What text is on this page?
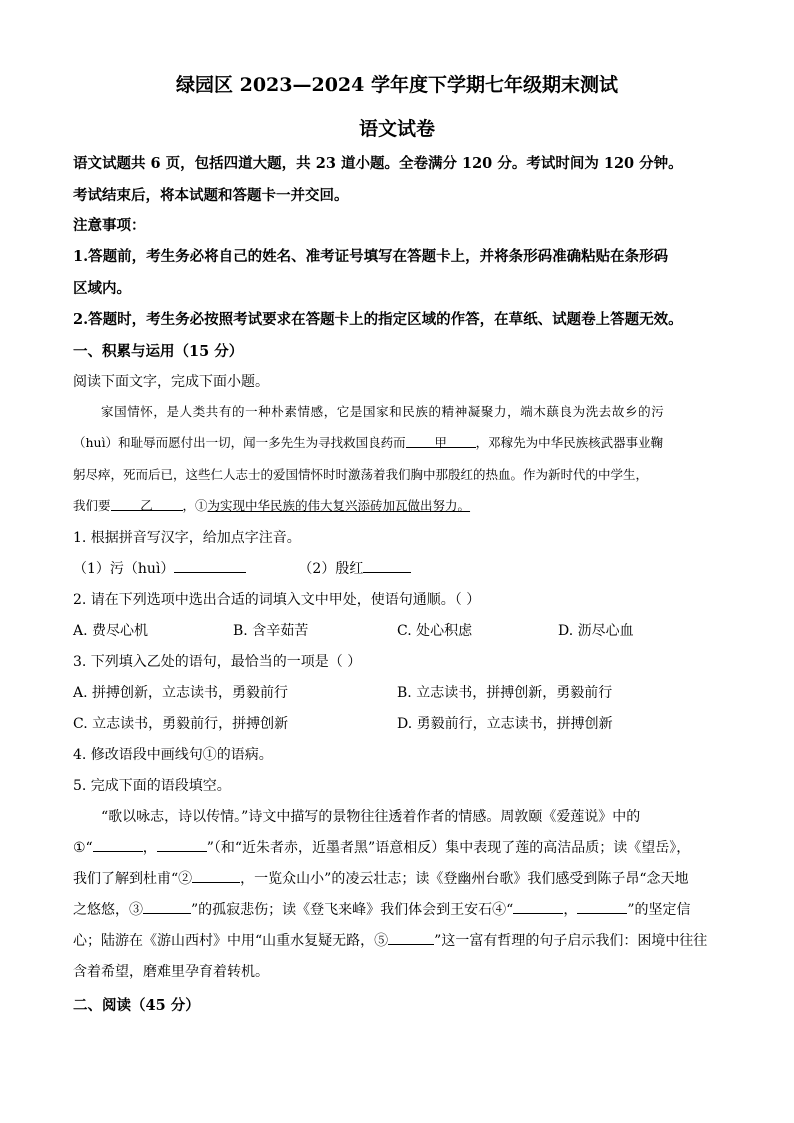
绿园区 2023—2024 学年度下学期七年级期末测试
语文试卷
语文试题共 6 页，包括四道大题，共 23 道小题。全卷满分 120 分。考试时间为 120 分钟。
考试结束后，将本试题和答题卡一并交回。
注意事项：
1.答题前，考生务必将自己的姓名、准考证号填写在答题卡上，并将条形码准确粘贴在条形码
区域内。
2.答题时，考生务必按照考试要求在答题卡上的指定区域的作答，在草纸、试题卷上答题无效。
一、积累与运用（15 分）
阅读下面文字，完成下面小题。
家国情怀，是人类共有的一种朴素情感，它是国家和民族的精神凝聚力，端木蕻良为洗去故乡的污
（huì）和耻辱而愿付出一切，闻一多先生为寻找救国良药而 甲 ，邓稼先为中华民族核武器事业鞠
躬尽瘁，死而后已，这些仁人志士的爱国情怀时时激荡着我们胸中那殷红的热血。作为新时代的中学生，
我们要 乙 ，①为实现中华民族的伟大复兴添砖加瓦做出努力。
1. 根据拼音写汉字，给加点字注音。
（1）污（huì）	（2）殷红
2. 请在下列选项中选出合适的词填入文中甲处，使语句通顺。（ ）
A. 费尽心机	B. 含辛茹苦	C. 处心积虑	D. 沥尽心血
3. 下列填入乙处的语句，最恰当的一项是（ ）
A. 拼搏创新，立志读书，勇毅前行	B. 立志读书，拼搏创新，勇毅前行
C. 立志读书，勇毅前行，拼搏创新	D. 勇毅前行，立志读书，拼搏创新
4. 修改语段中画线句①的语病。
5. 完成下面的语段填空。
“歌以咏志，诗以传情。”诗文中描写的景物往往透着作者的情感。周敦颐《爱莲说》中的
①“	，	”（和“近朱者赤，近墨者黑”语意相反）集中表现了莲的高洁品质；读《望岳》，
我们了解到杜甫“②	，一览众山小”的凌云壮志；读《登幽州台歌》我们感受到陈子昂“念天地
之悠悠，③	”的孤寂悲伤；读《登飞来峰》我们体会到王安石④“	，	”的坚定信
心；陆游在《游山西村》中用“山重水复疑无路，⑤	”这一富有哲理的句子启示我们：困境中往往
含着希望，磨难里孕育着转机。
二、阅读（45 分）
